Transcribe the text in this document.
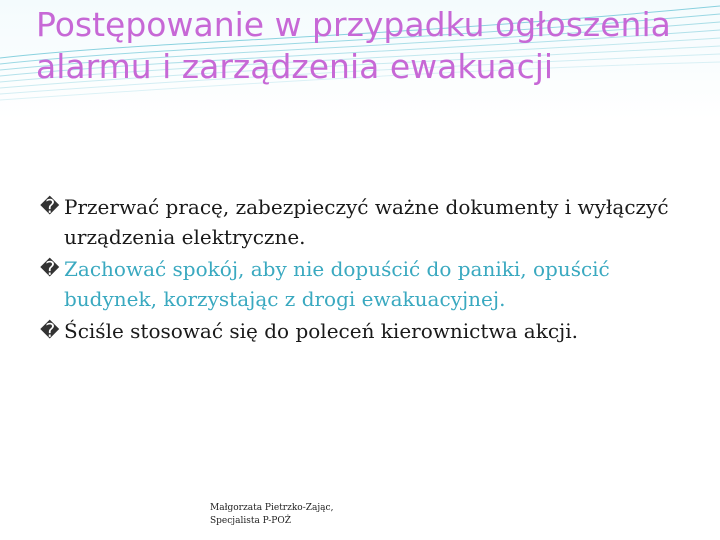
Postępowanie w przypadku ogłoszenia alarmu i zarządzenia ewakuacji
� Przerwać pracę, zabezpieczyć ważne dokumenty i wyłączyć urządzenia elektryczne.
� Zachować spokój, aby nie dopuścić do paniki, opuścić budynek, korzystając z drogi ewakuacyjnej.
� Ściśle stosować się do poleceń kierownictwa akcji.
Małgorzata Pietrzko-Zając,
Specjalista P-POŻ
